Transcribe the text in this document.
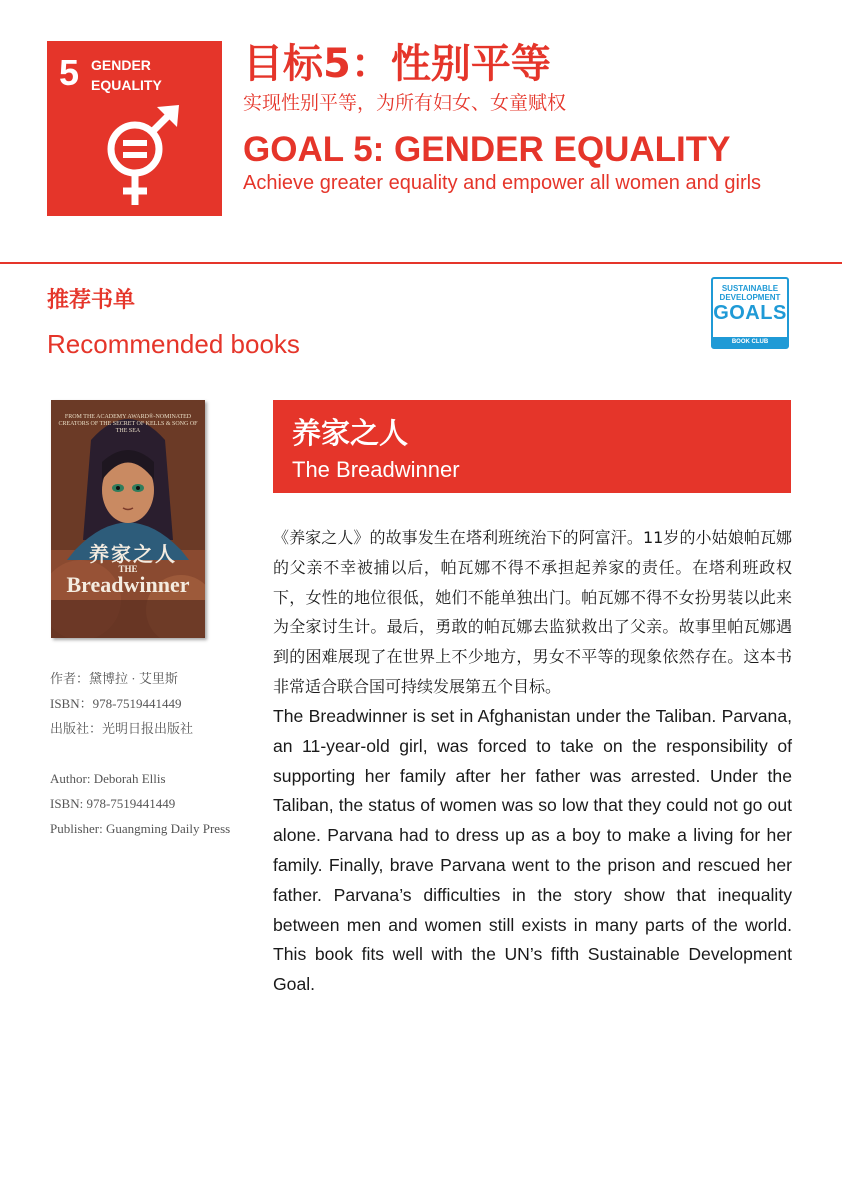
5 GENDER
EQUALITY	目标5：性别平等
实现性别平等，为所有妇女、女童赋权
GOAL 5: GENDER EQUALITY
Achieve greater equality and empower all women and girls
推荐书单
Recommended books
SUSTAINABLE
DEVELOPMENT
GOALS
BOOK CLUB
FROM THE ACADEMY AWARD®-NOMINATED CREATORS OF THE SECRET OF KELLS & SONG OF THE SEA
养家之人
THE
Breadwinner
作者：黛博拉 · 艾里斯
ISBN：978-7519441449
出版社：光明日报出版社
Author: Deborah Ellis
ISBN: 978-7519441449
Publisher: Guangming Daily Press
养家之人
The Breadwinner
《养家之人》的故事发生在塔利班统治下的阿富汗。11岁的小姑娘帕瓦娜的父亲不幸被捕以后，帕瓦娜不得不承担起养家的责任。在塔利班政权下，女性的地位很低，她们不能单独出门。帕瓦娜不得不女扮男装以此来为全家讨生计。最后，勇敢的帕瓦娜去监狱救出了父亲。故事里帕瓦娜遇到的困难展现了在世界上不少地方，男女不平等的现象依然存在。这本书非常适合联合国可持续发展第五个目标。
The Breadwinner is set in Afghanistan under the Taliban. Parvana, an 11-year-old girl, was forced to take on the responsibility of supporting her family after her father was arrested. Under the Taliban, the status of women was so low that they could not go out alone. Parvana had to dress up as a boy to make a living for her family. Finally, brave Parvana went to the prison and rescued her father. Parvana’s difficulties in the story show that inequality between men and women still exists in many parts of the world. This book fits well with the UN’s fifth Sustainable Development Goal.
